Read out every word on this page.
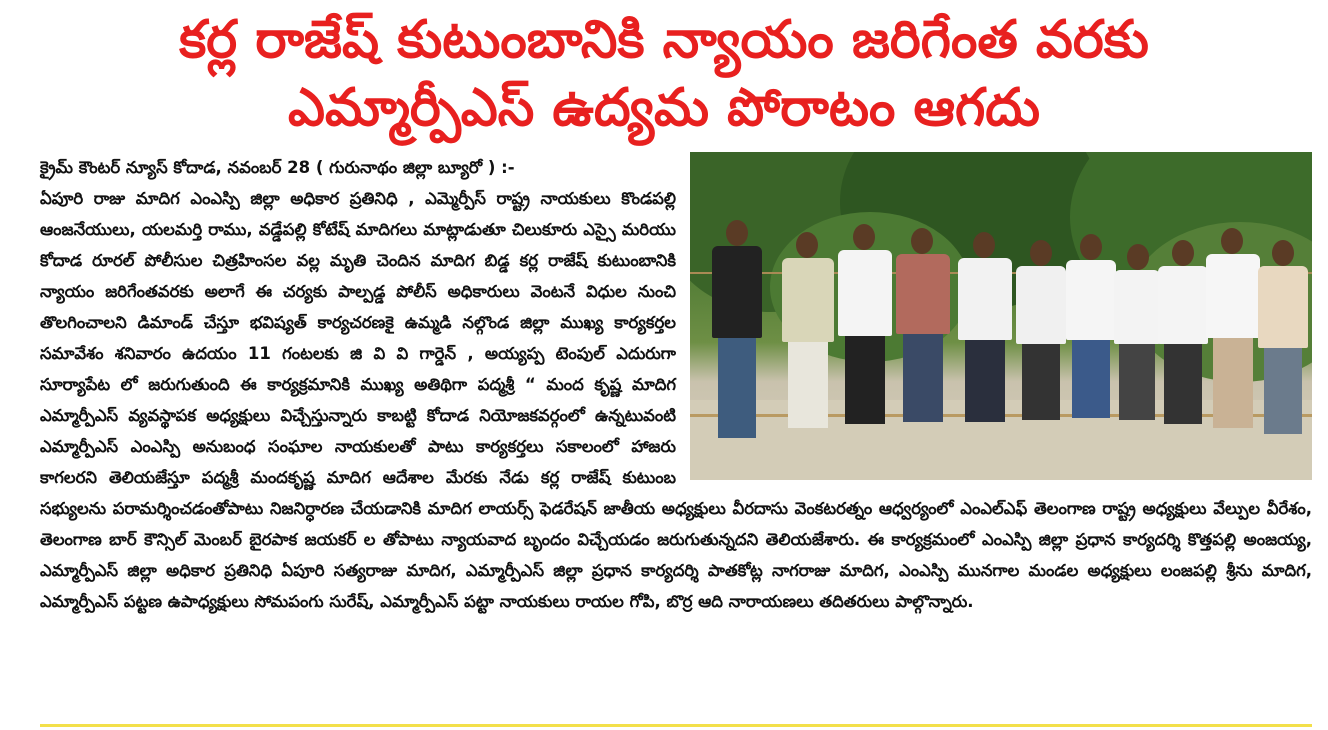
కర్ల రాజేష్ కుటుంబానికి న్యాయం జరిగేంత వరకు
ఎమ్మార్పీఎస్ ఉద్యమ పోరాటం ఆగదు

క్రైమ్ కౌంటర్ న్యూస్ కోదాడ, నవంబర్ 28 ( గురునాథం జిల్లా బ్యూరో ) :-

ఏపూరి రాజు మాదిగ ఎంఎస్పి జిల్లా అధికార ప్రతినిధి , ఎమ్మెర్పీస్ రాష్ట్ర నాయకులు కొండపల్లి ఆంజనేయులు, యలమర్తి రాము, వడ్డేపల్లి కోటేష్ మాదిగలు మాట్లాడుతూ చిలుకూరు ఎస్సై మరియు కోదాడ రూరల్ పోలీసుల చిత్రహింసల వల్ల మృతి చెందిన మాదిగ బిడ్డ కర్ల రాజేష్ కుటుంబానికి న్యాయం జరిగేంతవరకు అలాగే ఈ చర్యకు పాల్పడ్డ పోలీస్ అధికారులు వెంటనే విధుల నుంచి తొలగించాలని డిమాండ్ చేస్తూ భవిష్యత్ కార్యచరణకై ఉమ్మడి నల్గొండ జిల్లా ముఖ్య కార్యకర్తల సమావేశం శనివారం ఉదయం 11 గంటలకు జి వి వి గార్డెన్ , అయ్యప్ప టెంపుల్ ఎదురుగా సూర్యాపేట లో జరుగుతుంది ఈ కార్యక్రమానికి ముఖ్య అతిథిగా పద్మశ్రీ “ మంద కృష్ణ మాదిగ ఎమ్మార్పీఎస్ వ్యవస్థాపక అధ్యక్షులు విచ్చేస్తున్నారు కాబట్టి కోదాడ నియోజకవర్గంలో ఉన్నటువంటి ఎమ్మార్పీఎస్ ఎంఎస్పి అనుబంధ సంఘాల నాయకులతో పాటు కార్యకర్తలు సకాలంలో హాజరు కాగలరని తెలియజేస్తూ పద్మశ్రీ మందకృష్ణ మాదిగ ఆదేశాల మేరకు నేడు కర్ల రాజేష్ కుటుంబ సభ్యులను పరామర్శించడంతోపాటు నిజనిర్ధారణ చేయడానికి మాదిగ లాయర్స్ ఫెడరేషన్ జాతీయ అధ్యక్షులు వీరదాసు వెంకటరత్నం ఆధ్వర్యంలో ఎంఎల్ఎఫ్ తెలంగాణ రాష్ట్ర అధ్యక్షులు వేల్పుల వీరేశం, తెలంగాణ బార్ కౌన్సిల్ మెంబర్ బైరపాక జయకర్ ల తోపాటు న్యాయవాద బృందం విచ్చేయడం జరుగుతున్నదని తెలియజేశారు. ఈ కార్యక్రమంలో ఎంఎస్పి జిల్లా ప్రధాన కార్యదర్శి కొత్తపల్లి అంజయ్య, ఎమ్మార్పీఎస్ జిల్లా అధికార ప్రతినిధి ఏపూరి సత్యరాజు మాదిగ, ఎమ్మార్పీఎస్ జిల్లా ప్రధాన కార్యదర్శి పాతకోట్ల నాగరాజు మాదిగ, ఎంఎస్పి మునగాల మండల అధ్యక్షులు లంజపల్లి శ్రీను మాదిగ, ఎమ్మార్పీఎస్ పట్టణ ఉపాధ్యక్షులు సోమపంగు సురేష్, ఎమ్మార్పీఎస్ పట్టా నాయకులు రాయల గోపి, బొర్ర ఆది నారాయణలు తదితరులు పాల్గొన్నారు.
